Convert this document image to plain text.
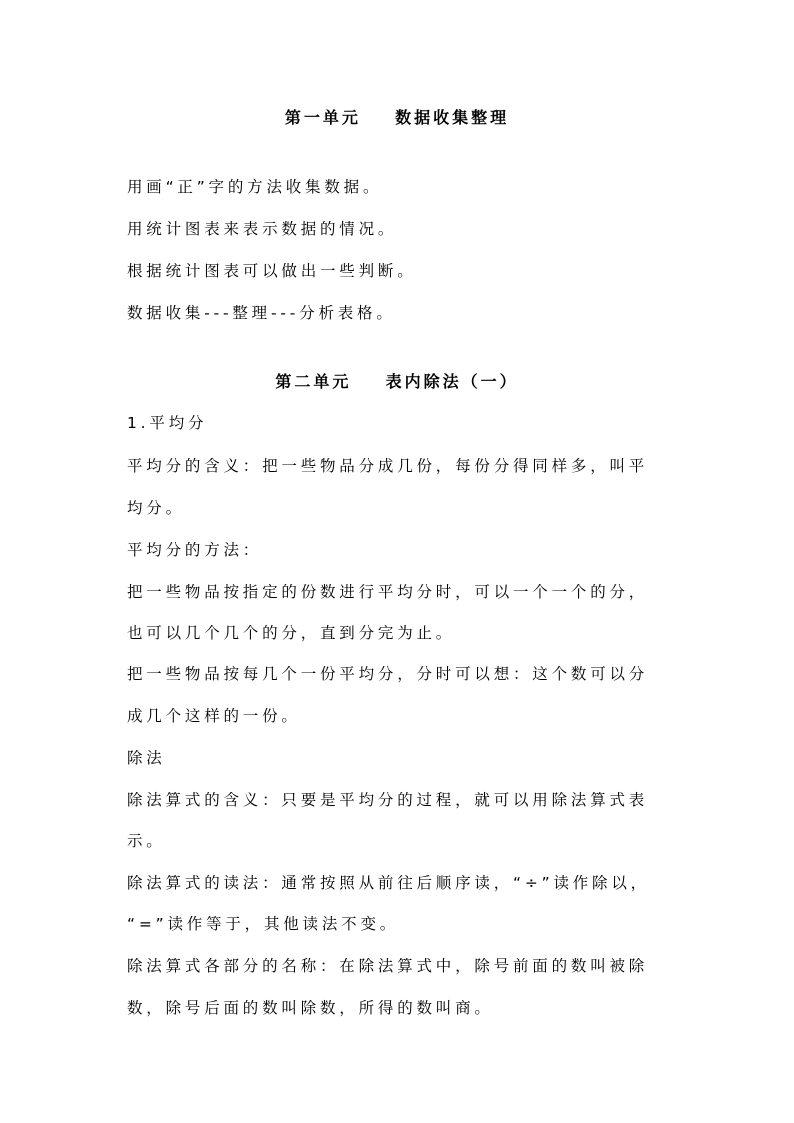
第一单元    数据收集整理
用画“正”字的方法收集数据。
用统计图表来表示数据的情况。
根据统计图表可以做出一些判断。
数据收集---整理---分析表格。
第二单元    表内除法（一）
1.平均分
平均分的含义：把一些物品分成几份，每份分得同样多，叫平
均分。
平均分的方法：
把一些物品按指定的份数进行平均分时，可以一个一个的分，
也可以几个几个的分，直到分完为止。
把一些物品按每几个一份平均分，分时可以想：这个数可以分
成几个这样的一份。
除法
除法算式的含义：只要是平均分的过程，就可以用除法算式表
示。
除法算式的读法：通常按照从前往后顺序读，“÷”读作除以，
“=”读作等于，其他读法不变。
除法算式各部分的名称：在除法算式中，除号前面的数叫被除
数，除号后面的数叫除数，所得的数叫商。
